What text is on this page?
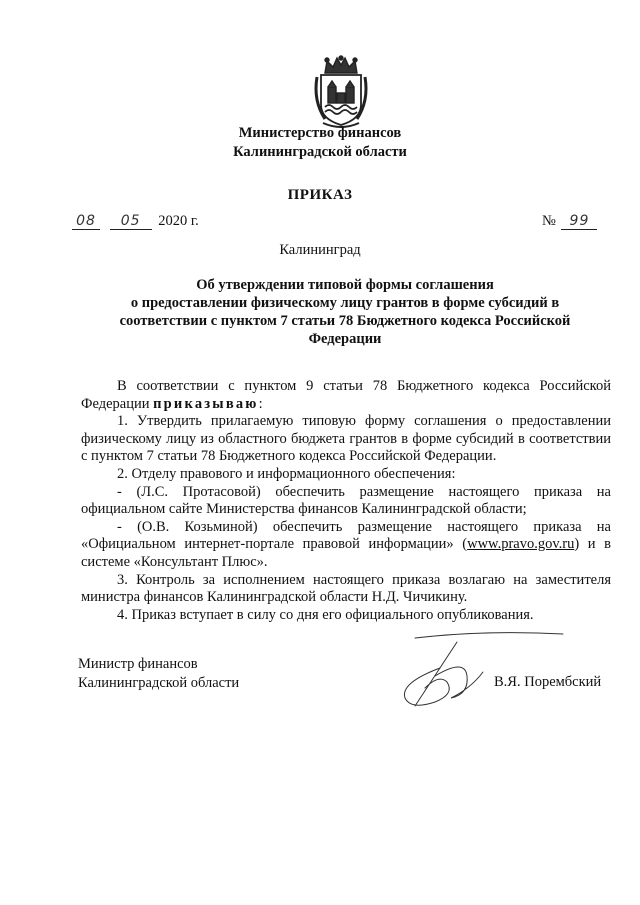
Министерство финансов
Калининградской области
ПРИКАЗ
08 05 2020 г.	№ 99
Калининград
Об утверждении типовой формы соглашения
о предоставлении физическому лицу грантов в форме субсидий в
соответствии с пунктом 7 статьи 78 Бюджетного кодекса Российской
Федерации

В соответствии с пунктом 9 статьи 78 Бюджетного кодекса Российской Федерации приказываю:

1. Утвердить прилагаемую типовую форму соглашения о предоставлении физическому лицу из областного бюджета грантов в форме субсидий в соответствии с пунктом 7 статьи 78 Бюджетного кодекса Российской Федерации.

2. Отделу правового и информационного обеспечения:

- (Л.С. Протасовой) обеспечить размещение настоящего приказа на официальном сайте Министерства финансов Калининградской области;

- (О.В. Козьминой) обеспечить размещение настоящего приказа на «Официальном интернет-портале правовой информации» (www.pravo.gov.ru) и в системе «Консультант Плюс».

3. Контроль за исполнением настоящего приказа возлагаю на заместителя министра финансов Калининградской области Н.Д. Чичикину.

4. Приказ вступает в силу со дня его официального опубликования.

Министр финансов
Калининградской области	В.Я. Порембский
